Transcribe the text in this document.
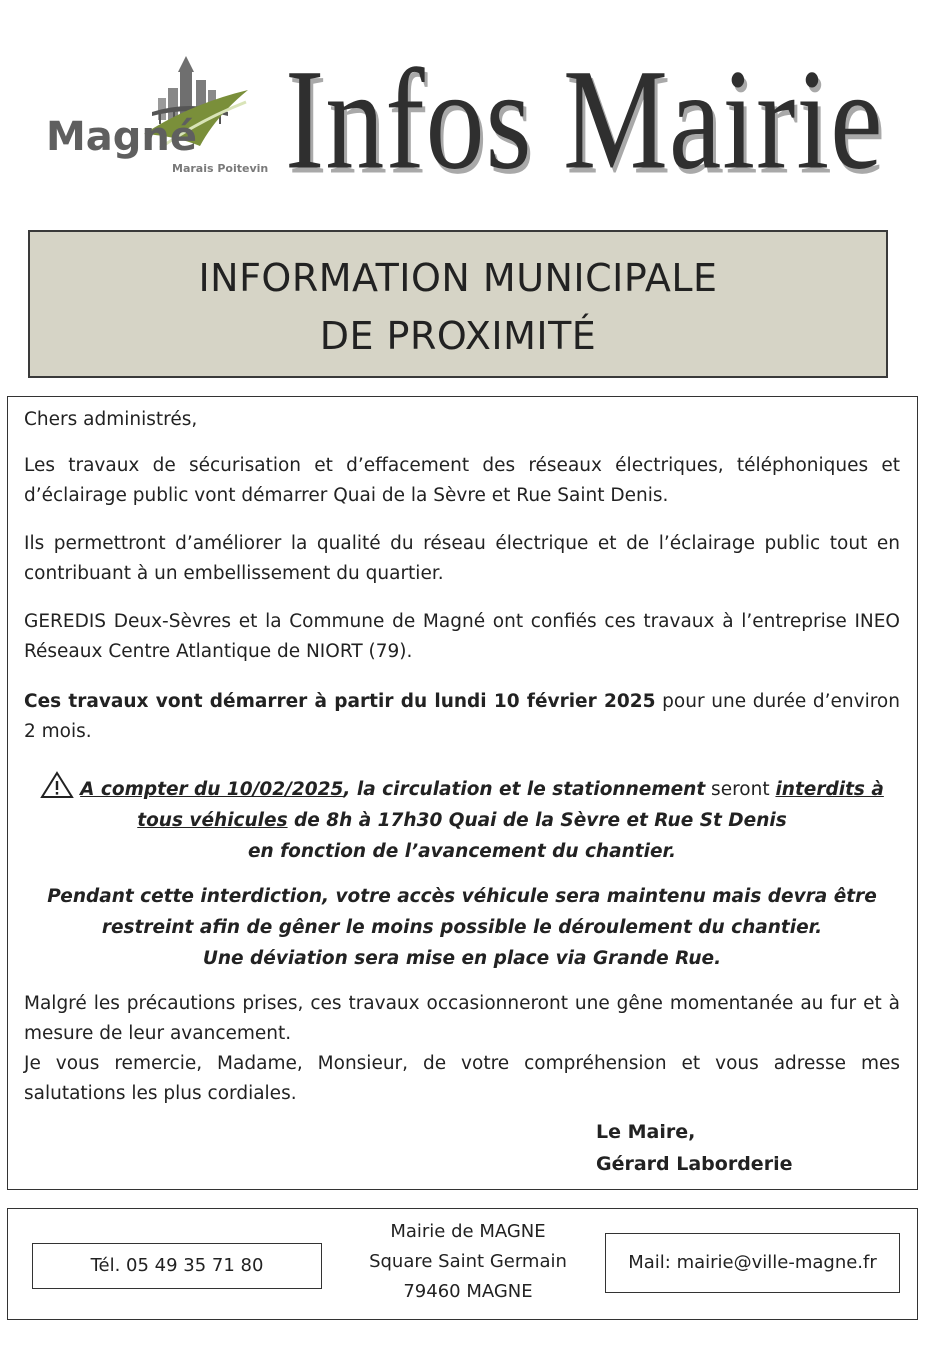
Magné
Marais Poitevin Infos Mairie
INFORMATION MUNICIPALE
DE PROXIMITÉ
Chers administrés,
Les travaux de sécurisation et d’effacement des réseaux électriques, téléphoniques et d’éclairage public vont démarrer Quai de la Sèvre et Rue Saint Denis.
Ils permettront d’améliorer la qualité du réseau électrique et de l’éclairage public tout en contribuant à un embellissement du quartier.
GEREDIS Deux-Sèvres et la Commune de Magné ont confiés ces travaux à l’entreprise INEO Réseaux Centre Atlantique de NIORT (79).
Ces travaux vont démarrer à partir du lundi 10 février 2025 pour une durée d’environ 2 mois.
A compter du 10/02/2025, la circulation et le stationnement seront interdits à
tous véhicules de 8h à 17h30 Quai de la Sèvre et Rue St Denis
en fonction de l’avancement du chantier.
Pendant cette interdiction, votre accès véhicule sera maintenu mais devra être
restreint afin de gêner le moins possible le déroulement du chantier.
Une déviation sera mise en place via Grande Rue.
Malgré les précautions prises, ces travaux occasionneront une gêne momentanée au fur et à mesure de leur avancement.
Je vous remercie, Madame, Monsieur, de votre compréhension et vous adresse mes salutations les plus cordiales.
Le Maire,
Gérard Laborderie
Tél. 05 49 35 71 80
Mairie de MAGNE
Square Saint Germain
79460 MAGNE
Mail: mairie@ville-magne.fr
